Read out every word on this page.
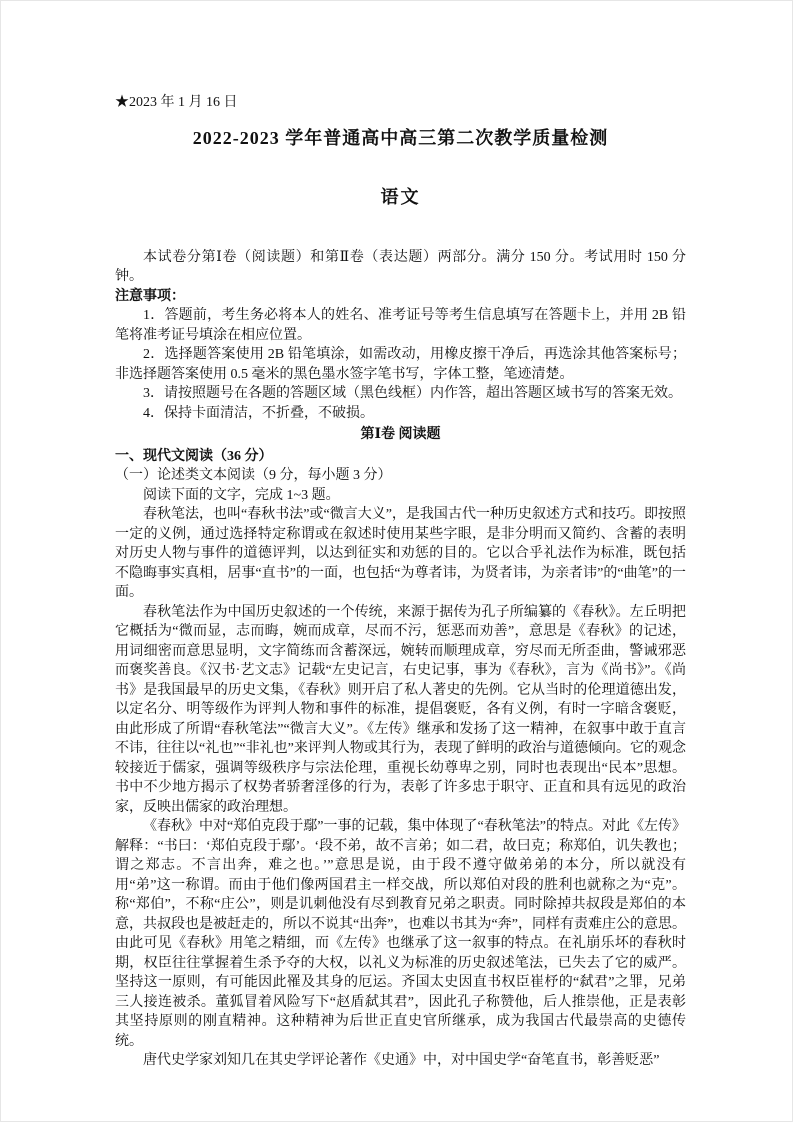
★2023 年 1 月 16 日

2022-2023 学年普通高中高三第二次教学质量检测
语文

本试卷分第Ⅰ卷（阅读题）和第Ⅱ卷（表达题）两部分。满分 150 分。考试用时 150 分钟。

注意事项：

1．答题前，考生务必将本人的姓名、准考证号等考生信息填写在答题卡上，并用 2B 铅笔将准考证号填涂在相应位置。

2．选择题答案使用 2B 铅笔填涂，如需改动，用橡皮擦干净后，再选涂其他答案标号；非选择题答案使用 0.5 毫米的黑色墨水签字笔书写，字体工整，笔迹清楚。

3．请按照题号在各题的答题区域（黑色线框）内作答，超出答题区域书写的答案无效。

4．保持卡面清洁，不折叠，不破损。

第Ⅰ卷 阅读题

一、现代文阅读（36 分）

（一）论述类文本阅读（9 分，每小题 3 分）

阅读下面的文字，完成 1~3 题。

春秋笔法，也叫“春秋书法”或“微言大义”，是我国古代一种历史叙述方式和技巧。即按照一定的义例，通过选择特定称谓或在叙述时使用某些字眼，是非分明而又简约、含蓄的表明对历史人物与事件的道德评判，以达到征实和劝惩的目的。它以合乎礼法作为标准，既包括不隐晦事实真相，居事“直书”的一面，也包括“为尊者讳，为贤者讳，为亲者讳”的“曲笔”的一面。

春秋笔法作为中国历史叙述的一个传统，来源于据传为孔子所编纂的《春秋》。左丘明把它概括为“微而显，志而晦，婉而成章，尽而不污，惩恶而劝善”，意思是《春秋》的记述，用词细密而意思显明，文字简练而含蓄深远，婉转而顺理成章，穷尽而无所歪曲，警诫邪恶而褒奖善良。《汉书·艺文志》记载“左史记言，右史记事，事为《春秋》，言为《尚书》”。《尚书》是我国最早的历史文集，《春秋》则开启了私人著史的先例。它从当时的伦理道德出发，以定名分、明等级作为评判人物和事件的标准，提倡褒贬，各有义例，有时一字暗含褒贬，由此形成了所谓“春秋笔法”“微言大义”。《左传》继承和发扬了这一精神，在叙事中敢于直言不讳，往往以“礼也”“非礼也”来评判人物或其行为，表现了鲜明的政治与道德倾向。它的观念较接近于儒家，强调等级秩序与宗法伦理，重视长幼尊卑之别，同时也表现出“民本”思想。书中不少地方揭示了权势者骄奢淫侈的行为，表彰了许多忠于职守、正直和具有远见的政治家，反映出儒家的政治理想。

《春秋》中对“郑伯克段于鄢”一事的记载，集中体现了“春秋笔法”的特点。对此《左传》解释：“书曰：‘郑伯克段于鄢’。‘段不弟，故不言弟；如二君，故曰克；称郑伯，讥失教也；谓之郑志。不言出奔，难之也。’”意思是说，由于段不遵守做弟弟的本分，所以就没有用“弟”这一称谓。而由于他们像两国君主一样交战，所以郑伯对段的胜利也就称之为“克”。称“郑伯”，不称“庄公”，则是讥刺他没有尽到教育兄弟之职责。同时除掉共叔段是郑伯的本意，共叔段也是被赶走的，所以不说其“出奔”，也难以书其为“奔”，同样有责难庄公的意思。由此可见《春秋》用笔之精细，而《左传》也继承了这一叙事的特点。在礼崩乐坏的春秋时期，权臣往往掌握着生杀予夺的大权，以礼义为标准的历史叙述笔法，已失去了它的威严。坚持这一原则，有可能因此罹及其身的厄运。齐国太史因直书权臣崔杼的“弑君”之罪，兄弟三人接连被杀。董狐冒着风险写下“赵盾弑其君”，因此孔子称赞他，后人推崇他，正是表彰其坚持原则的刚直精神。这种精神为后世正直史官所继承，成为我国古代最崇高的史德传统。

唐代史学家刘知几在其史学评论著作《史通》中，对中国史学“奋笔直书，彰善贬恶”
